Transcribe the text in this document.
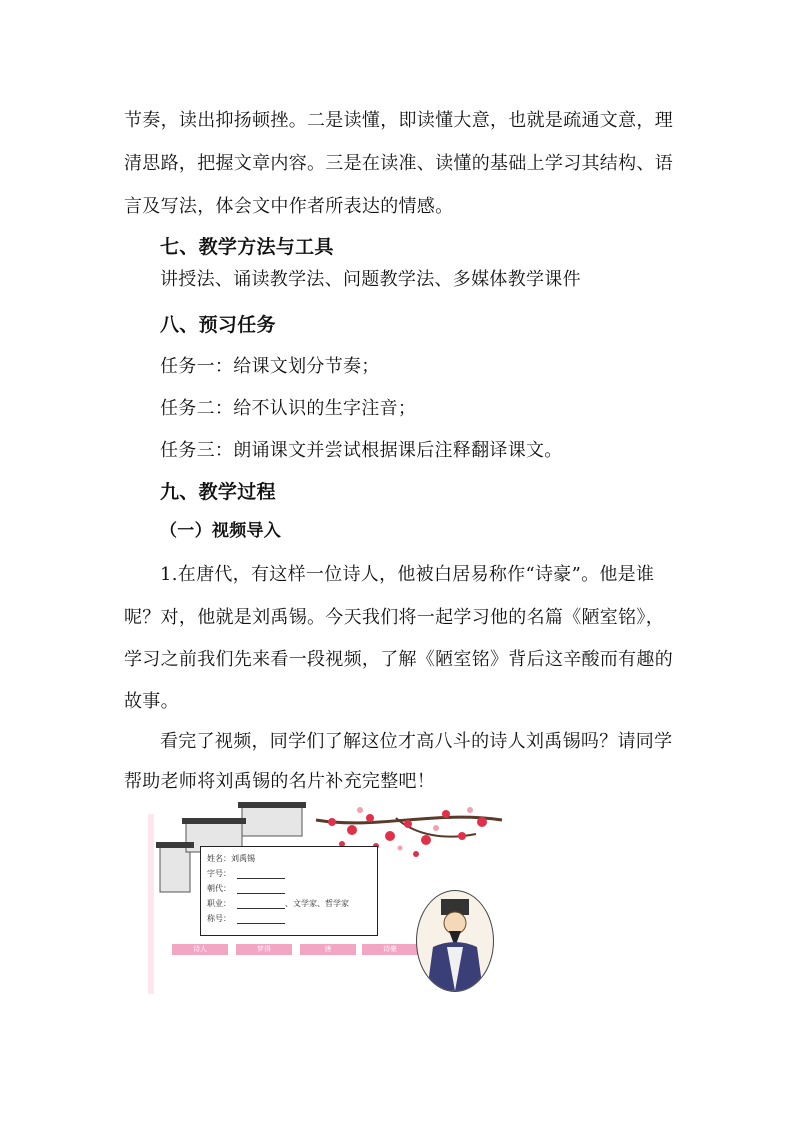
节奏，读出抑扬顿挫。二是读懂，即读懂大意，也就是疏通文意，理
清思路，把握文章内容。三是在读准、读懂的基础上学习其结构、语
言及写法，体会文中作者所表达的情感。
七、教学方法与工具
讲授法、诵读教学法、问题教学法、多媒体教学课件
八、预习任务
任务一：给课文划分节奏；
任务二：给不认识的生字注音；
任务三：朗诵课文并尝试根据课后注释翻译课文。
九、教学过程
（一）视频导入
1.在唐代，有这样一位诗人，他被白居易称作“诗豪”。他是谁
呢？对，他就是刘禹锡。今天我们将一起学习他的名篇《陋室铭》，
学习之前我们先来看一段视频，了解《陋室铭》背后这辛酸而有趣的
故事。
看完了视频，同学们了解这位才高八斗的诗人刘禹锡吗？请同学
帮助老师将刘禹锡的名片补充完整吧！
姓名：刘禹锡
字号：
朝代：
职业：	、文学家、哲学家
称号：
诗人	梦得	唐	诗豪
